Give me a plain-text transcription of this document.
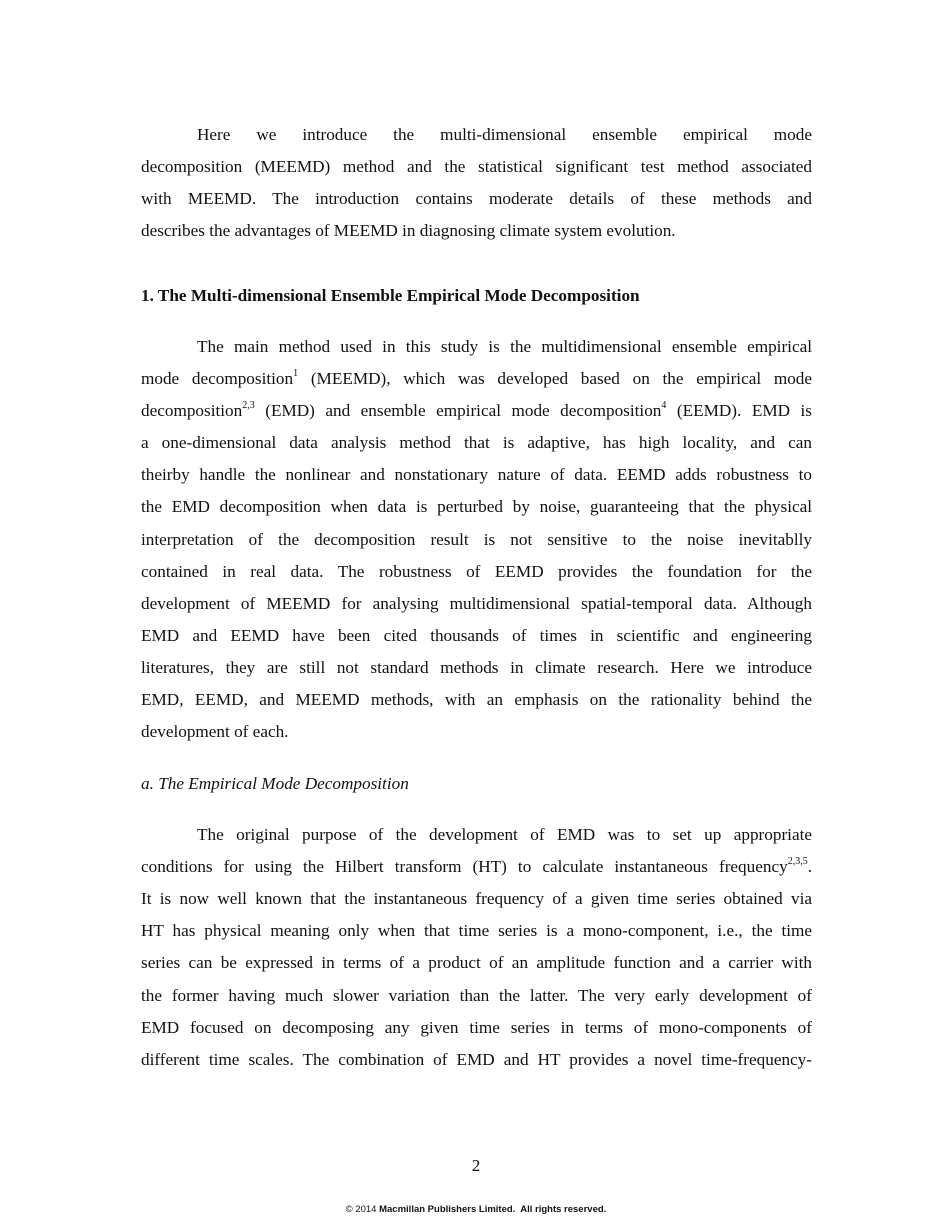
Here we introduce the multi-dimensional ensemble empirical mode
decomposition (MEEMD) method and the statistical significant test method associated
with MEEMD. The introduction contains moderate details of these methods and
describes the advantages of MEEMD in diagnosing climate system evolution.
1. The Multi-dimensional Ensemble Empirical Mode Decomposition
The main method used in this study is the multidimensional ensemble empirical
mode decomposition$^1$ (MEEMD), which was developed based on the empirical mode
decomposition$^{2,3}$ (EMD) and ensemble empirical mode decomposition$^4$ (EEMD). EMD is
a one-dimensional data analysis method that is adaptive, has high locality, and can
theirby handle the nonlinear and nonstationary nature of data. EEMD adds robustness to
the EMD decomposition when data is perturbed by noise, guaranteeing that the physical
interpretation of the decomposition result is not sensitive to the noise inevitablly
contained in real data. The robustness of EEMD provides the foundation for the
development of MEEMD for analysing multidimensional spatial-temporal data. Although
EMD and EEMD have been cited thousands of times in scientific and engineering
literatures, they are still not standard methods in climate research. Here we introduce
EMD, EEMD, and MEEMD methods, with an emphasis on the rationality behind the
development of each.
a. The Empirical Mode Decomposition
The original purpose of the development of EMD was to set up appropriate
conditions for using the Hilbert transform (HT) to calculate instantaneous frequency$^{2,3,5}$.
It is now well known that the instantaneous frequency of a given time series obtained via
HT has physical meaning only when that time series is a mono-component, i.e., the time
series can be expressed in terms of a product of an amplitude function and a carrier with
the former having much slower variation than the latter. The very early development of
EMD focused on decomposing any given time series in terms of mono-components of
different time scales. The combination of EMD and HT provides a novel time-frequency-
2
© 2014 Macmillan Publishers Limited.  All rights reserved.
